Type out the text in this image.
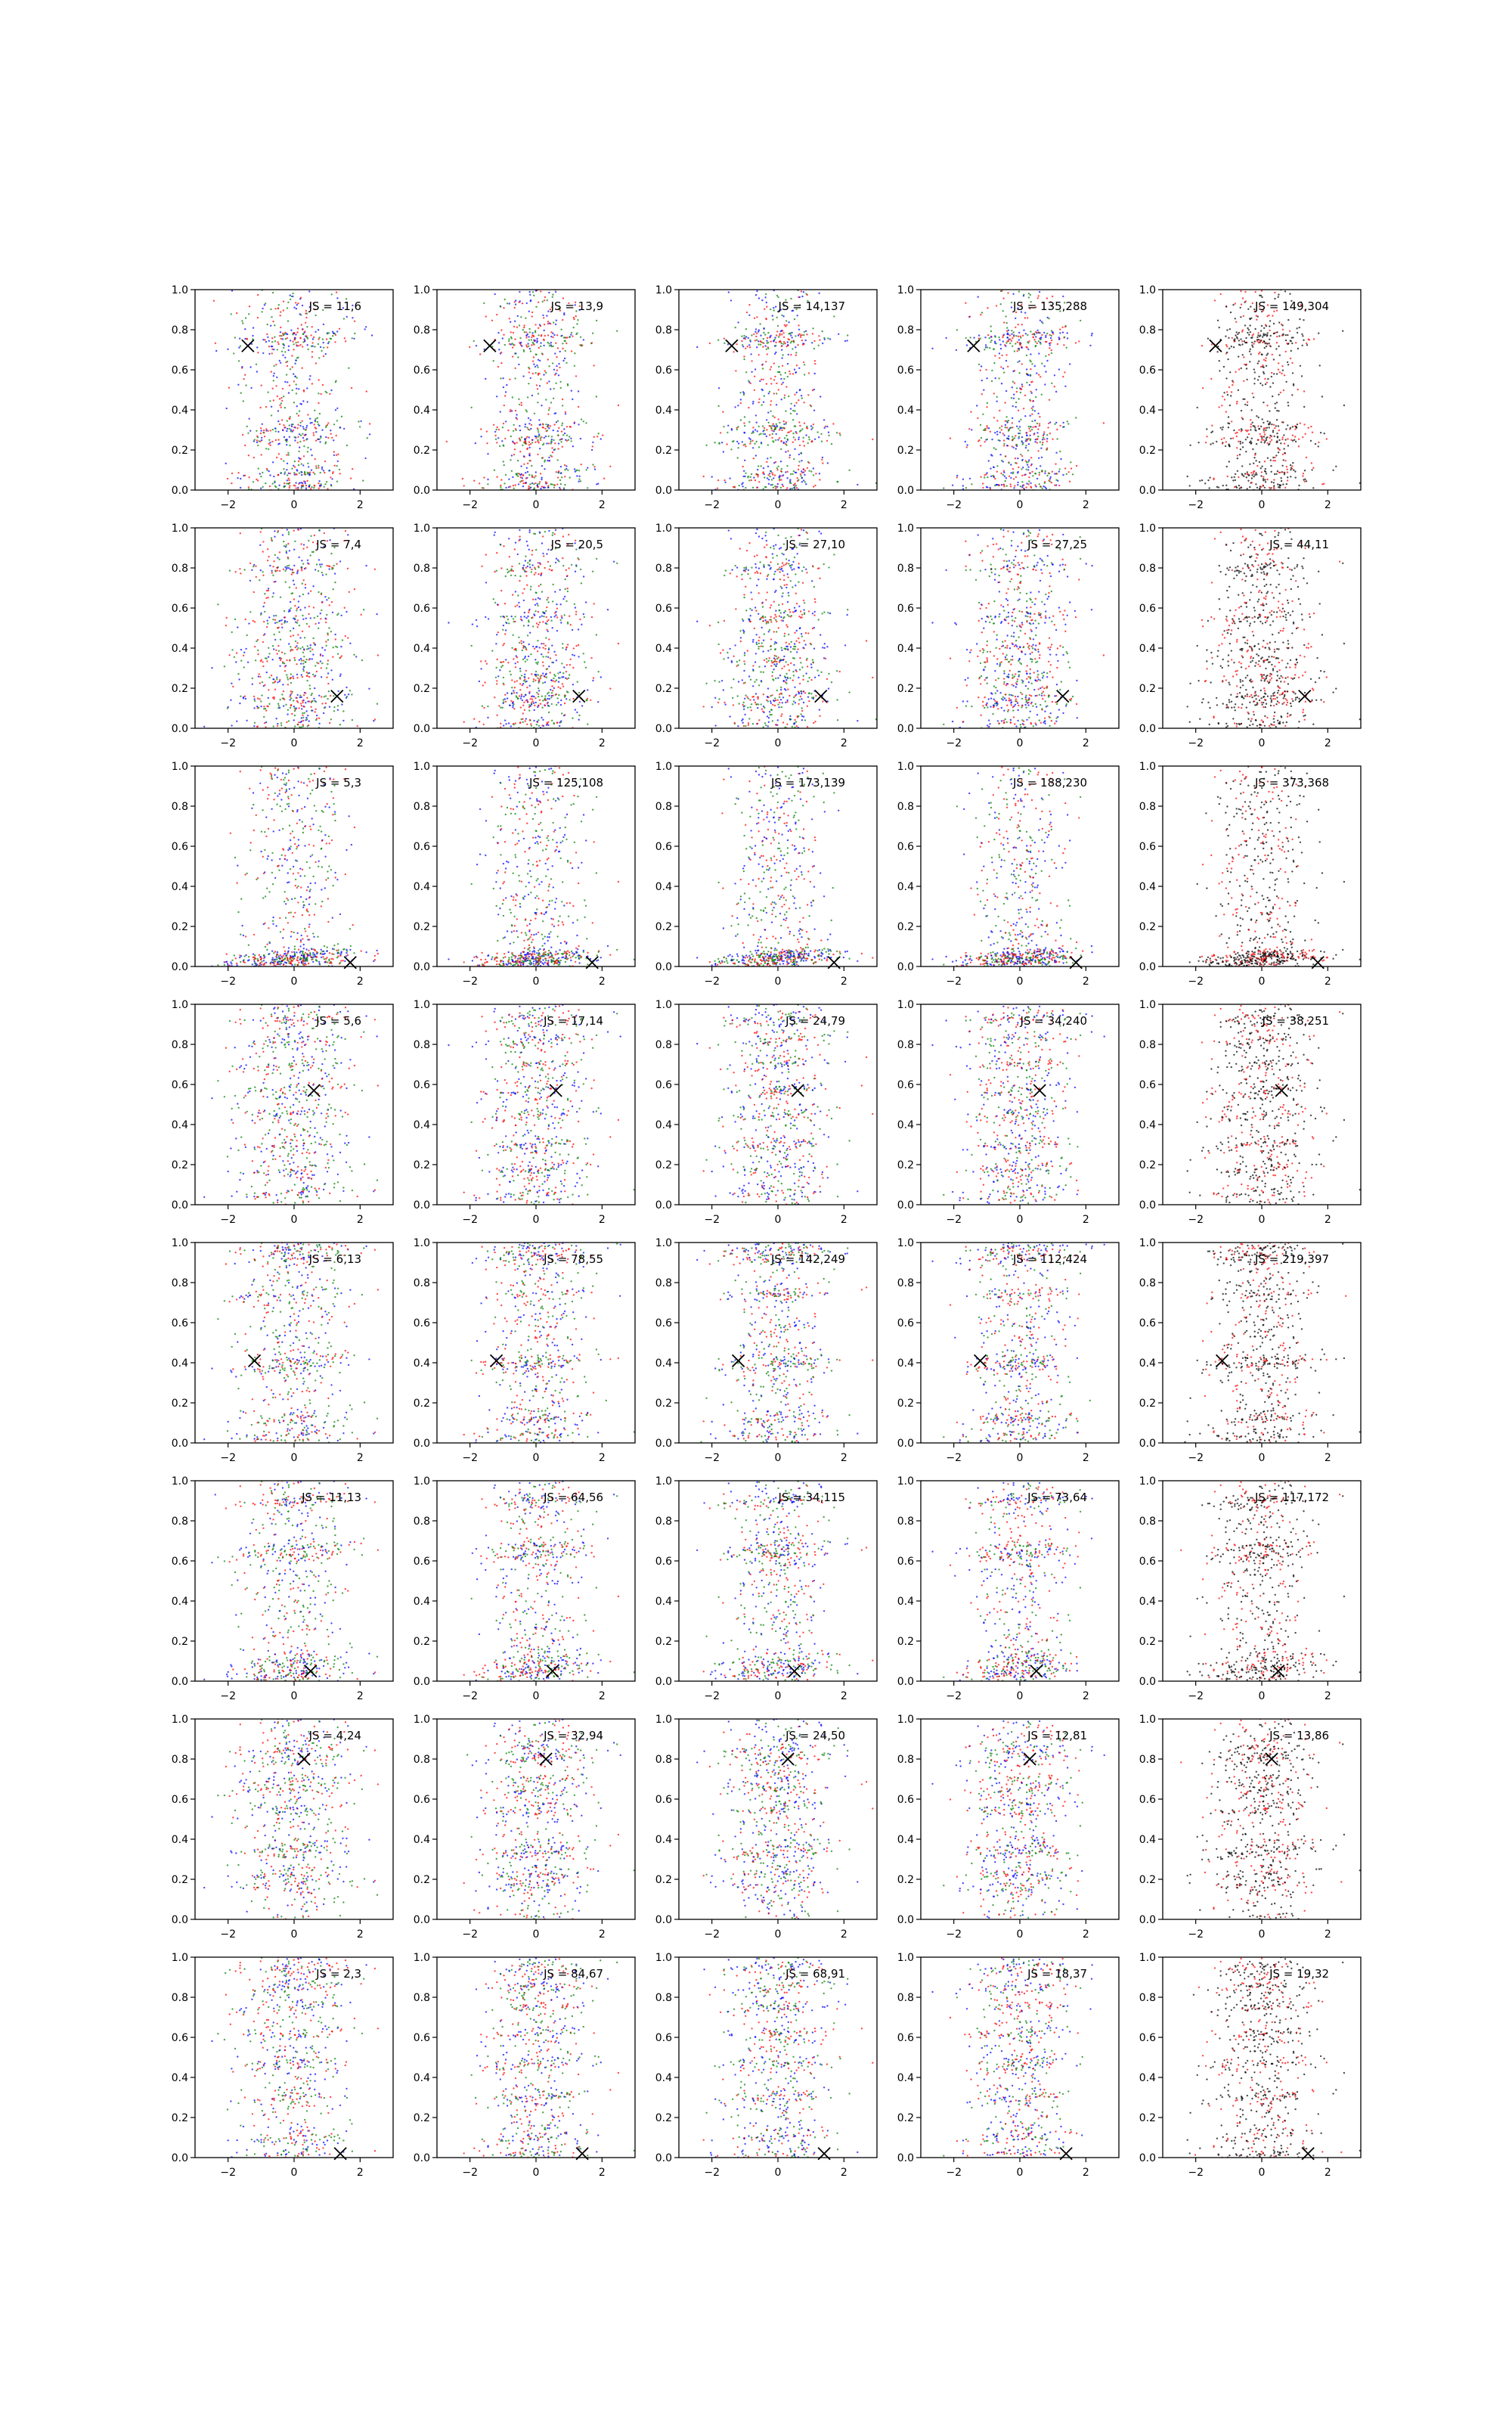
−2	0	2
0.0
0.2
0.4
0.6
0.8
1.0
JS = 11,6
−2	0	2
0.0
0.2
0.4
0.6
0.8
1.0
JS = 13,9
−2	0	2
0.0
0.2
0.4
0.6
0.8
1.0
JS = 14,137
−2	0	2
0.0
0.2
0.4
0.6
0.8
1.0
JS = 135,288
−2	0	2
0.0
0.2
0.4
0.6
0.8
1.0
JS = 149,304
−2	0	2
0.0
0.2
0.4
0.6
0.8
1.0
JS = 7,4
−2	0	2
0.0
0.2
0.4
0.6
0.8
1.0
JS = 20,5
−2	0	2
0.0
0.2
0.4
0.6
0.8
1.0
JS = 27,10
−2	0	2
0.0
0.2
0.4
0.6
0.8
1.0
JS = 27,25
−2	0	2
0.0
0.2
0.4
0.6
0.8
1.0
JS = 44,11
−2	0	2
0.0
0.2
0.4
0.6
0.8
1.0
JS = 5,3
−2	0	2
0.0
0.2
0.4
0.6
0.8
1.0
JS = 125,108
−2	0	2
0.0
0.2
0.4
0.6
0.8
1.0
JS = 173,139
−2	0	2
0.0
0.2
0.4
0.6
0.8
1.0
JS = 188,230
−2	0	2
0.0
0.2
0.4
0.6
0.8
1.0
JS = 373,368
−2	0	2
0.0
0.2
0.4
0.6
0.8
1.0
JS = 5,6
−2	0	2
0.0
0.2
0.4
0.6
0.8
1.0
JS = 17,14
−2	0	2
0.0
0.2
0.4
0.6
0.8
1.0
JS = 24,79
−2	0	2
0.0
0.2
0.4
0.6
0.8
1.0
JS = 34,240
−2	0	2
0.0
0.2
0.4
0.6
0.8
1.0
JS = 38,251
−2	0	2
0.0
0.2
0.4
0.6
0.8
1.0
JS = 6,13
−2	0	2
0.0
0.2
0.4
0.6
0.8
1.0
JS = 78,55
−2	0	2
0.0
0.2
0.4
0.6
0.8
1.0
JS = 142,249
−2	0	2
0.0
0.2
0.4
0.6
0.8
1.0
JS = 112,424
−2	0	2
0.0
0.2
0.4
0.6
0.8
1.0
JS = 219,397
−2	0	2
0.0
0.2
0.4
0.6
0.8
1.0
JS = 11,13
−2	0	2
0.0
0.2
0.4
0.6
0.8
1.0
JS = 64,56
−2	0	2
0.0
0.2
0.4
0.6
0.8
1.0
JS = 34,115
−2	0	2
0.0
0.2
0.4
0.6
0.8
1.0
JS = 73,64
−2	0	2
0.0
0.2
0.4
0.6
0.8
1.0
JS = 117,172
−2	0	2
0.0
0.2
0.4
0.6
0.8
1.0
JS = 4,24
−2	0	2
0.0
0.2
0.4
0.6
0.8
1.0
JS = 32,94
−2	0	2
0.0
0.2
0.4
0.6
0.8
1.0
JS = 24,50
−2	0	2
0.0
0.2
0.4
0.6
0.8
1.0
JS = 12,81
−2	0	2
0.0
0.2
0.4
0.6
0.8
1.0
JS = 13,86
−2	0	2
0.0
0.2
0.4
0.6
0.8
1.0
JS = 2,3
−2	0	2
0.0
0.2
0.4
0.6
0.8
1.0
JS = 84,67
−2	0	2
0.0
0.2
0.4
0.6
0.8
1.0
JS = 68,91
−2	0	2
0.0
0.2
0.4
0.6
0.8
1.0
JS = 18,37
−2	0	2
0.0
0.2
0.4
0.6
0.8
1.0
JS = 19,32
